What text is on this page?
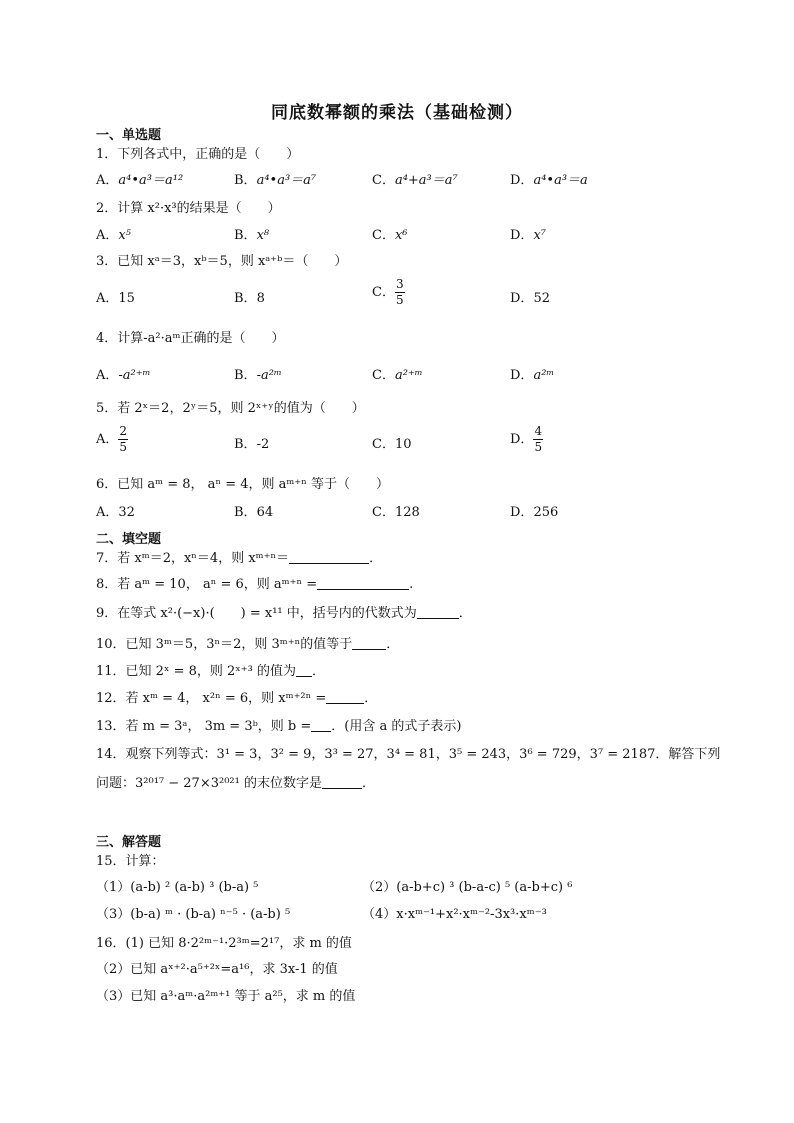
同底数幂额的乘法（基础检测）
一、单选题
1．下列各式中，正确的是（　　）
A．a⁴•a³＝a¹²	B．a⁴•a³＝a⁷	C．a⁴+a³＝a⁷	D．a⁴•a³＝a
2．计算 x²·x³的结果是（　　）
A．x⁵	B．x⁸	C．x⁶	D．x⁷
3．已知 xᵃ＝3，xᵇ＝5，则 xᵃ⁺ᵇ＝（　　）
A．15	B．8	C． $\frac{3}{5}$	D．52
4．计算-a²·aᵐ正确的是（　　）
A．-a²⁺ᵐ	B．-a²ᵐ	C．a²⁺ᵐ	D．a²ᵐ
5．若 2ˣ＝2，2ʸ＝5，则 2ˣ⁺ʸ的值为（　　）
A． $\frac{2}{5}$	B．-2	C．10	D． $\frac{4}{5}$
6．已知 aᵐ = 8， aⁿ = 4，则 aᵐ⁺ⁿ 等于（　　）
A．32	B．64	C．128	D．256
二、填空题
7．若 xᵐ＝2，xⁿ＝4，则 xᵐ⁺ⁿ＝	．
8．若 aᵐ = 10， aⁿ = 6，则 aᵐ⁺ⁿ =	.
9．在等式 x²·(−x)·(　　) = x¹¹ 中，括号内的代数式为	．
10．已知 3ᵐ＝5，3ⁿ＝2，则 3ᵐ⁺ⁿ的值等于	．
11．已知 2ˣ = 8，则 2ˣ⁺³ 的值为 ．
12．若 xᵐ = 4， x²ⁿ = 6，则 xᵐ⁺²ⁿ =	．
13．若 m = 3ᵃ， 3m = 3ᵇ，则 b = ．(用含 a 的式子表示)
14．观察下列等式：3¹ = 3，3² = 9，3³ = 27，3⁴ = 81，3⁵ = 243，3⁶ = 729，3⁷ = 2187．解答下列
问题：3²⁰¹⁷ − 27×3²⁰²¹ 的末位数字是	．
三、解答题
15．计算：
（1）(a-b) ² (a-b) ³ (b-a) ⁵	（2）(a-b+c) ³ (b-a-c) ⁵ (a-b+c) ⁶
（3）(b-a) ᵐ · (b-a) ⁿ⁻⁵ · (a-b) ⁵	（4）x·xᵐ⁻¹+x²·xᵐ⁻²-3x³·xᵐ⁻³
16．(1) 已知 8·2²ᵐ⁻¹·2³ᵐ=2¹⁷，求 m 的值
（2）已知 aˣ⁺²·a⁵⁺²ˣ=a¹⁶，求 3x-1 的值
（3）已知 a³·aᵐ·a²ᵐ⁺¹ 等于 a²⁵，求 m 的值
